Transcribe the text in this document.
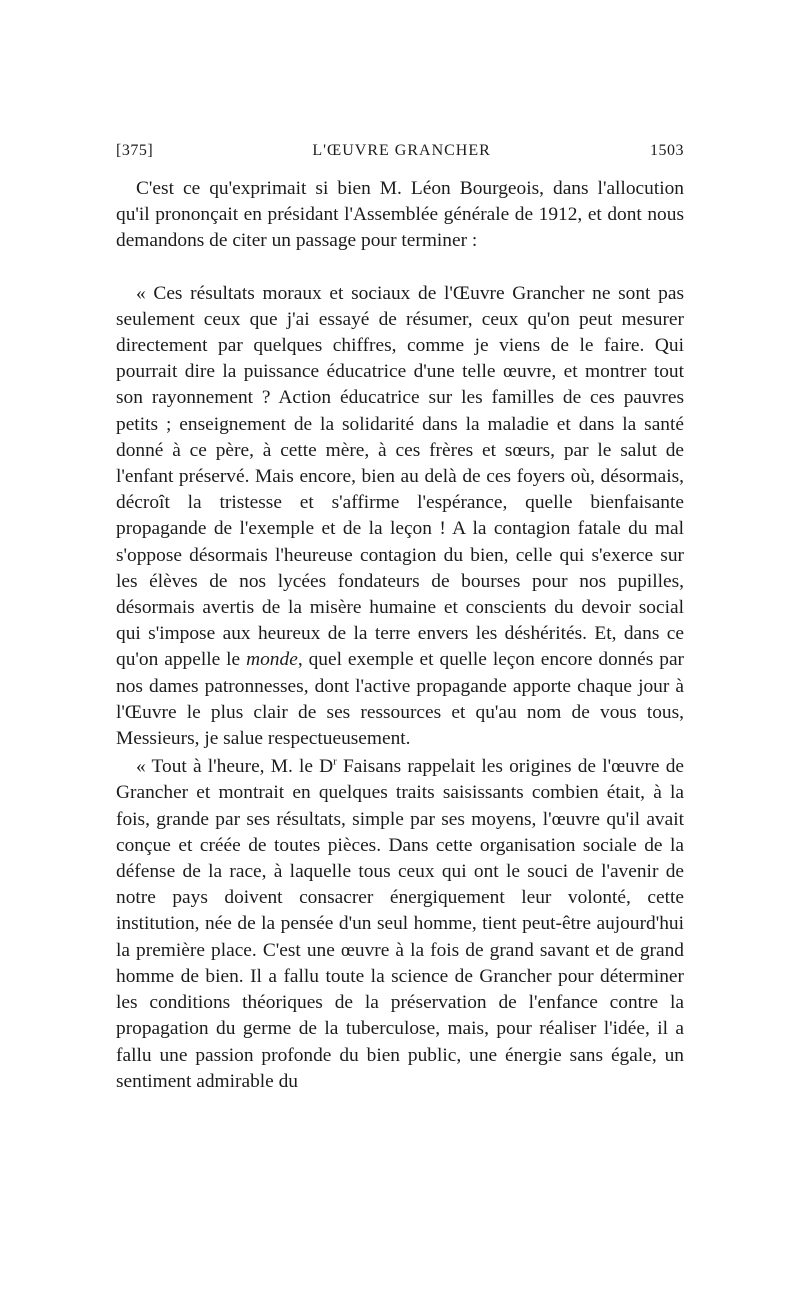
[375]	L'ŒUVRE GRANCHER	1503

C'est ce qu'exprimait si bien M. Léon Bourgeois, dans l'allocution qu'il prononçait en présidant l'Assemblée générale de 1912, et dont nous demandons de citer un passage pour terminer :

« Ces résultats moraux et sociaux de l'Œuvre Grancher ne sont pas seulement ceux que j'ai essayé de résumer, ceux qu'on peut mesurer directement par quelques chiffres, comme je viens de le faire. Qui pourrait dire la puissance éducatrice d'une telle œuvre, et montrer tout son rayonnement ? Action éducatrice sur les familles de ces pauvres petits ; enseignement de la solidarité dans la maladie et dans la santé donné à ce père, à cette mère, à ces frères et sœurs, par le salut de l'enfant préservé. Mais encore, bien au delà de ces foyers où, désormais, décroît la tristesse et s'affirme l'espérance, quelle bienfaisante propagande de l'exemple et de la leçon ! A la contagion fatale du mal s'oppose désormais l'heureuse contagion du bien, celle qui s'exerce sur les élèves de nos lycées fondateurs de bourses pour nos pupilles, désormais avertis de la misère humaine et conscients du devoir social qui s'impose aux heureux de la terre envers les déshérités. Et, dans ce qu'on appelle le monde, quel exemple et quelle leçon encore donnés par nos dames patronnesses, dont l'active propagande apporte chaque jour à l'Œuvre le plus clair de ses ressources et qu'au nom de vous tous, Messieurs, je salue respectueusement.

« Tout à l'heure, M. le $D^r$ Faisans rappelait les origines de l'œuvre de Grancher et montrait en quelques traits saisissants combien était, à la fois, grande par ses résultats, simple par ses moyens, l'œuvre qu'il avait conçue et créée de toutes pièces. Dans cette organisation sociale de la défense de la race, à laquelle tous ceux qui ont le souci de l'avenir de notre pays doivent consacrer énergiquement leur volonté, cette institution, née de la pensée d'un seul homme, tient peut-être aujourd'hui la première place. C'est une œuvre à la fois de grand savant et de grand homme de bien. Il a fallu toute la science de Grancher pour déterminer les conditions théoriques de la préservation de l'enfance contre la propagation du germe de la tuberculose, mais, pour réaliser l'idée, il a fallu une passion profonde du bien public, une énergie sans égale, un sentiment admirable du
